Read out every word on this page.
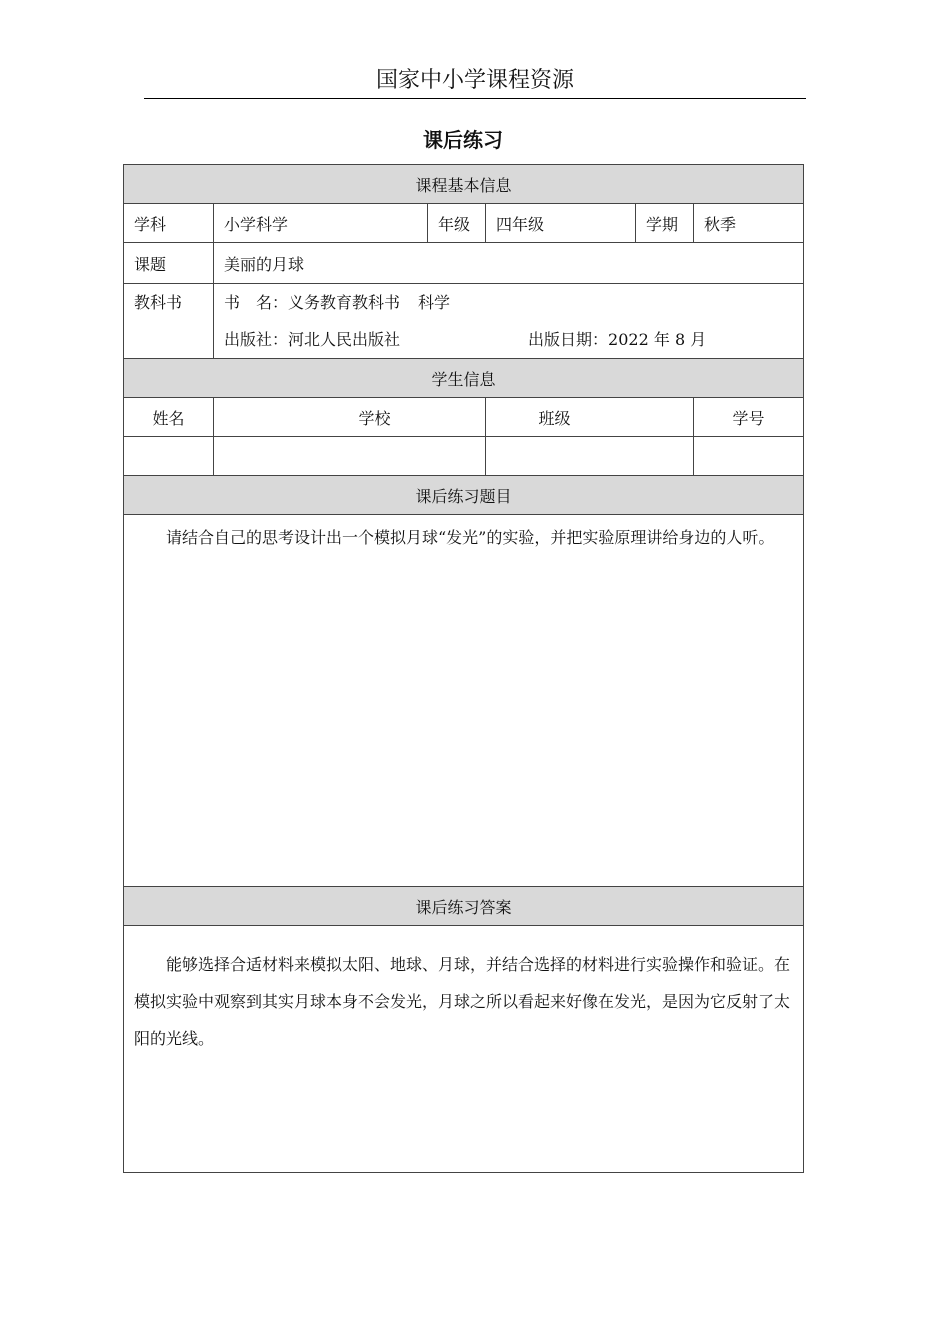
国家中小学课程资源
课后练习
课程基本信息					
学科	小学科学	年级	四年级	学期	秋季
课题	美丽的月球				

教科书	书　名：义务教育教科书 科学
出版社：河北人民出版社 出版日期：2022 年 8 月				

学生信息					
姓名	学校		班级		学号

课后练习题目					

请结合自己的思考设计出一个模拟月球“发光”的实验，并把实验原理讲给身边的人听。					

课后练习答案					

能够选择合适材料来模拟太阳、地球、月球，并结合选择的材料进行实验操作和验证。在模拟实验中观察到其实月球本身不会发光，月球之所以看起来好像在发光，是因为它反射了太阳的光线。					
